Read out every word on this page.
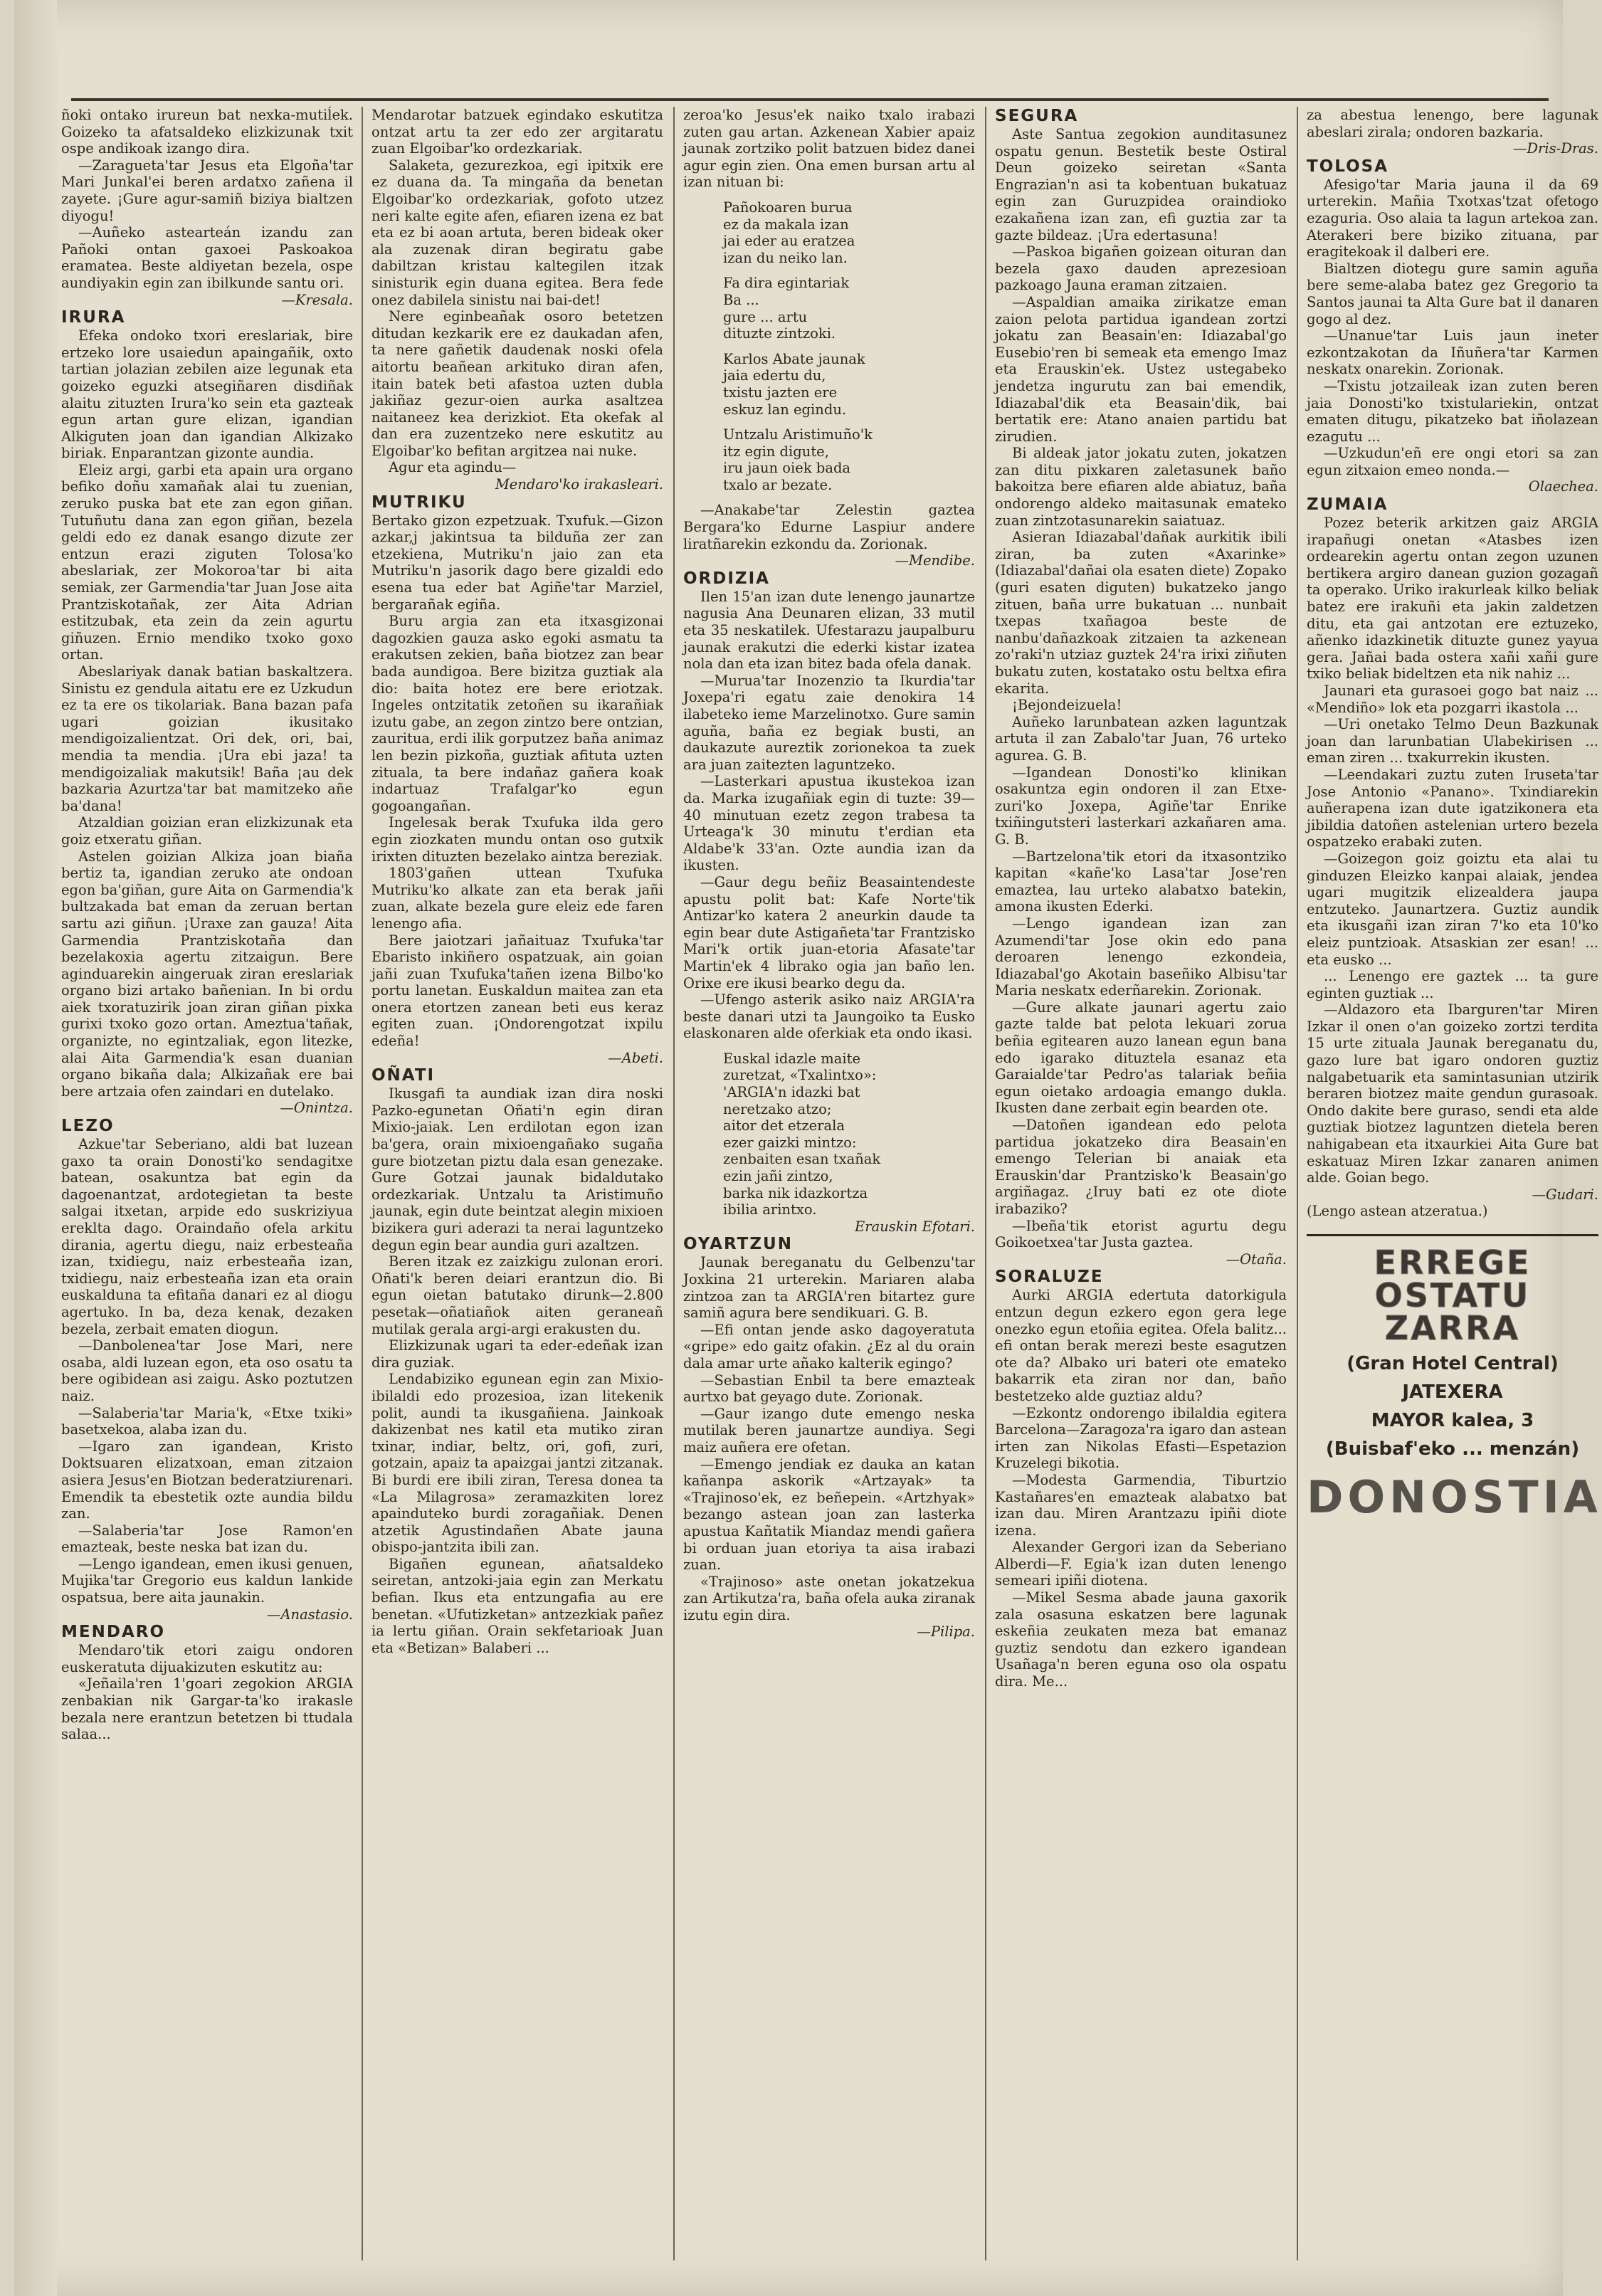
ñoki ontako irureun bat nexka-mutiĺek. Goizeko ta afatsaldeko elizkizunak txit ospe andikoak izango dira.

—Zaragueta'tar Jesus eta Elgoña'tar Mari Junkal'ei beren ardatxo zañena il zayete. ¡Gure agur-samiñ biziya bialtzen diyogu!

—Auñeko astearteán izandu zan Pañoki ontan gaxoei Paskoakoa eramatea. Beste aldiyetan bezela, ospe aundiyakin egin zan ibilkunde santu ori.

—Kresala.

IRURA

Efeka ondoko txori ereslariak, bire ertzeko lore usaiedun apaingañik, oxto tartian jolazian zebilen aize legunak eta goizeko eguzki atsegiñaren disdiñak alaitu zituzten Irura'ko sein eta gazteak egun artan gure elizan, igandian Alkiguten joan dan igandian Alkizako biriak. Enparantzan gizonte aundia.

Eleiz argi, garbi eta apain ura organo befiko doñu xamañak alai tu zuenian, zeruko puska bat ete zan egon giñan. Tutuñutu dana zan egon giñan, bezela geldi edo ez danak esango dizute zer entzun erazi ziguten Tolosa'ko abeslariak, zer Mokoroa'tar bi aita semiak, zer Garmendia'tar Juan Jose aita Prantziskotañak, zer Aita Adrian estitzubak, eta zein da zein agurtu giñuzen. Ernio mendiko txoko goxo ortan.

Abeslariyak danak batian baskaltzera. Sinistu ez gendula aitatu ere ez Uzkudun ez ta ere os tikolariak. Bana bazan pafa ugari goizian ikusitako mendigoizalientzat. Ori dek, ori, bai, mendia ta mendia. ¡Ura ebi jaza! ta mendigoizaliak makutsik! Baña ¡au dek bazkaria Azurtza'tar bat mamitzeko añe ba'dana!

Atzaldian goizian eran elizkizunak eta goiz etxeratu giñan.

Astelen goizian Alkiza joan biaña bertiz ta, igandian zeruko ate ondoan egon ba'giñan, gure Aita on Garmendia'k bultzakada bat eman da zeruan bertan sartu azi giñun. ¡Uraxe zan gauza! Aita Garmendia Prantziskotaña dan bezelakoxia agertu zitzaigun. Bere aginduarekin aingeruak ziran ereslariak organo bizi artako bañenian. In bi ordu aiek txoratuzirik joan ziran giñan pixka gurixi txoko gozo ortan. Ameztua'tañak, organizte, no egintzaliak, egon litezke, alai Aita Garmendia'k esan duanian organo bikaña dala; Alkizañak ere bai bere artzaia ofen zaindari en dutelako.

—Onintza.

LEZO

Azkue'tar Seberiano, aldi bat luzean gaxo ta orain Donosti'ko sendagitxe batean, osakuntza bat egin da dagoenantzat, ardotegietan ta beste salgai itxetan, arpide edo suskriziyua ereklta dago. Oraindaño ofela arkitu dirania, agertu diegu, naiz erbesteaña izan, txidiegu, naiz erbesteaña izan, txidiegu, naiz erbesteaña izan eta orain euskalduna ta efitaña danari ez al diogu agertuko. In ba, deza kenak, dezaken bezela, zerbait ematen diogun.

—Danbolenea'tar Jose Mari, nere osaba, aldi luzean egon, eta oso osatu ta bere ogibidean asi zaigu. Asko poztutzen naiz.

—Salaberia'tar Maria'k, «Etxe txiki» basetxekoa, alaba izan du.

—Igaro zan igandean, Kristo Doktsuaren elizatxoan, eman zitzaion asiera Jesus'en Biotzan bederatziurenari. Emendik ta ebestetik ozte aundia bildu zan.

—Salaberia'tar Jose Ramon'en emazteak, beste neska bat izan du.

—Lengo igandean, emen ikusi genuen, Mujika'tar Gregorio eus kaldun lankide ospatsua, bere aita jaunakin.

—Anastasio.

MENDARO

Mendaro'tik etori zaigu ondoren euskeratuta dijuakizuten eskutitz au:

«Jeñaila'ren 1'goari zegokion ARGIA zenbakian nik Gargar-ta'ko irakasle bezala nere erantzun betetzen bi ttudala salaa...

Mendarotar batzuek egindako eskutitza ontzat artu ta zer edo zer argitaratu zuan Elgoibar'ko ordezkariak.

Salaketa, gezurezkoa, egi ipitxik ere ez duana da. Ta mingaña da benetan Elgoibar'ko ordezkariak, gofoto utzez neri kalte egite afen, efiaren izena ez bat eta ez bi aoan artuta, beren bideak oker ala zuzenak diran begiratu gabe dabiltzan kristau kaltegilen itzak sinisturik egin duana egitea. Bera fede onez dabilela sinistu nai bai-det!

Nere eginbeañak osoro betetzen ditudan kezkarik ere ez daukadan afen, ta nere gañetik daudenak noski ofela aitortu beañean arkituko diran afen, itain batek beti afastoa uzten dubla jakiñaz gezur-oien aurka asaltzea naitaneez kea derizkiot. Eta okefak al dan era zuzentzeko nere eskutitz au Elgoibar'ko befitan argitzea nai nuke.

Agur eta agindu—

Mendaro'ko irakasleari.

MUTRIKU

Bertako gizon ezpetzuak. Txufuk.—Gizon azkar,j jakintsua ta bilduña zer zan etzekiena, Mutriku'n jaio zan eta Mutriku'n jasorik dago bere gizaldi edo esena tua eder bat Agiñe'tar Marziel, bergarañak egiña.

Buru argia zan eta itxasgizonai dagozkien gauza asko egoki asmatu ta erakutsen zekien, baña biotzez zan bear bada aundigoa. Bere bizitza guztiak ala dio: baita hotez ere bere eriotzak. Ingeles ontzitatik zetoñen su ikarañiak izutu gabe, an zegon zintzo bere ontzian, zauritua, erdi ilik gorputzez baña animaz len bezin pizkoña, guztiak afituta uzten zituala, ta bere indañaz gañera koak indartuaz Trafalgar'ko egun gogoangañan.

Ingelesak berak Txufuka ilda gero egin ziozkaten mundu ontan oso gutxik irixten dituzten bezelako aintza bereziak.

1803'gañen uttean Txufuka Mutriku'ko alkate zan eta berak jañi zuan, alkate bezela gure eleiz ede faren lenengo afia.

Bere jaiotzari jañaituaz Txufuka'tar Ebaristo inkiñero ospatzuak, ain goian jañi zuan Txufuka'tañen izena Bilbo'ko portu lanetan. Euskaldun maitea zan eta onera etortzen zanean beti eus keraz egiten zuan. ¡Ondorengotzat ixpilu edeña!

—Abeti.

OÑATI

Ikusgafi ta aundiak izan dira noski Pazko-egunetan Oñati'n egin diran Mixio-jaiak. Len erdilotan egon izan ba'gera, orain mixioengañako sugaña gure biotzetan piztu dala esan genezake. Gure Gotzai jaunak bidaldutako ordezkariak. Untzalu ta Aristimuño jaunak, egin dute beintzat alegin mixioen bizikera guri aderazi ta nerai laguntzeko degun egin bear aundia guri azaltzen.

Beren itzak ez zaizkigu zulonan erori. Oñati'k beren deiari erantzun dio. Bi egun oietan batutako dirunk—2.800 pesetak—oñatiañok aiten geraneañ mutilak gerala argi-argi erakusten du.

Elizkizunak ugari ta eder-edeñak izan dira guziak.

Lendabiziko egunean egin zan Mixio-ibilaldi edo prozesioa, izan litekenik polit, aundi ta ikusgañiena. Jainkoak dakizenbat nes katil eta mutiko ziran txinar, indiar, beltz, ori, gofi, zuri, gotzain, apaiz ta apaizgai jantzi zitzanak. Bi burdi ere ibili ziran, Teresa donea ta «La Milagrosa» zeramazkiten lorez apainduteko burdi zoragañiak. Denen atzetik Agustindañen Abate jauna obispo-jantzita ibili zan.

Bigañen egunean, añatsaldeko seiretan, antzoki-jaia egin zan Merkatu befian. Ikus eta entzungafia au ere benetan. «Ufutizketan» antzezkiak pañez ia lertu giñan. Orain sekfetarioak Juan eta «Betizan» Balaberi ...

zeroa'ko Jesus'ek naiko txalo irabazi zuten gau artan. Azkenean Xabier apaiz jaunak zortziko polit batzuen bidez danei agur egin zien. Ona emen bursan artu al izan nituan bi:

Pañokoaren burua

ez da makala izan

jai eder au eratzea

izan du neiko lan.

Fa dira egintariak

Ba ...

gure ... artu

dituzte zintzoki.

Karlos Abate jaunak

jaia edertu du,

txistu jazten ere

eskuz lan egindu.

Untzalu Aristimuño'k

itz egin digute,

iru jaun oiek bada

txalo ar bezate.

—Anakabe'tar Zelestin gaztea Bergara'ko Edurne Laspiur andere liratñarekin ezkondu da. Zorionak.

—Mendibe.

ORDIZIA

Ilen 15'an izan dute lenengo jaunartze nagusia Ana Deunaren elizan, 33 mutil eta 35 neskatilek. Ufestarazu jaupalburu jaunak erakutzi die ederki kistar izatea nola dan eta izan bitez bada ofela danak.

—Murua'tar Inozenzio ta Ikurdia'tar Joxepa'ri egatu zaie denokira 14 ilabeteko ieme Marzelinotxo. Gure samin aguña, baña ez begiak busti, an daukazute aureztik zorionekoa ta zuek ara juan zaitezten laguntzeko.

—Lasterkari apustua ikustekoa izan da. Marka izugañiak egin di tuzte: 39—40 minutuan ezetz zegon trabesa ta Urteaga'k 30 minutu t'erdian eta Aldabe'k 33'an. Ozte aundia izan da ikusten.

—Gaur degu beñiz Beasaintendeste apustu polit bat: Kafe Norte'tik Antizar'ko katera 2 aneurkin daude ta egin bear dute Astigañeta'tar Frantzisko Mari'k ortik juan-etoria Afasate'tar Martin'ek 4 librako ogia jan baño len. Orixe ere ikusi bearko degu da.

—Ufengo asterik asiko naiz ARGIA'ra beste danari utzi ta Jaungoiko ta Eusko elaskonaren alde oferkiak eta ondo ikasi.

Euskal idazle maite

zuretzat, «Txalintxo»:

'ARGIA'n idazki bat

neretzako atzo;

aitor det etzerala

ezer gaizki mintzo:

zenbaiten esan txañak

ezin jañi zintzo,

barka nik idazkortza

ibilia arintxo.

Erauskin Efotari.

OYARTZUN

Jaunak bereganatu du Gelbenzu'tar Joxkina 21 urterekin. Mariaren alaba zintzoa zan ta ARGIA'ren bitartez gure samiñ agura bere sendikuari. G. B.

—Efi ontan jende asko dagoyeratuta «gripe» edo gaitz ofakin. ¿Ez al du orain dala amar urte añako kalterik egingo?

—Sebastian Enbil ta bere emazteak aurtxo bat geyago dute. Zorionak.

—Gaur izango dute emengo neska mutilak beren jaunartze aundiya. Segi maiz auñera ere ofetan.

—Emengo jendiak ez dauka an katan kañanpa askorik «Artzayak» ta «Trajinoso'ek, ez beñepein. «Artzhyak» bezango astean joan zan lasterka apustua Kañtatik Miandaz mendi gañera bi orduan juan etoriya ta aisa irabazi zuan.

«Trajinoso» aste onetan jokatzekua zan Artikutza'ra, baña ofela auka ziranak izutu egin dira.

—Pilipa.

SEGURA

Aste Santua zegokion aunditasunez ospatu genun. Bestetik beste Ostiral Deun goizeko seiretan «Santa Engrazian'n asi ta kobentuan bukatuaz egin zan Guruzpidea oraindioko ezakañena izan zan, efi guztia zar ta gazte bildeaz. ¡Ura edertasuna!

—Paskoa bigañen goizean oituran dan bezela gaxo dauden aprezesioan pazkoago Jauna eraman zitzaien.

—Aspaldian amaika zirikatze eman zaion pelota partidua igandean zortzi jokatu zan Beasain'en: Idiazabal'go Eusebio'ren bi semeak eta emengo Imaz eta Erauskin'ek. Ustez ustegabeko jendetza ingurutu zan bai emendik, Idiazabal'dik eta Beasain'dik, bai bertatik ere: Atano anaien partidu bat zirudien.

Bi aldeak jator jokatu zuten, jokatzen zan ditu pixkaren zaletasunek baño bakoitza bere efiaren alde abiatuz, baña ondorengo aldeko maitasunak emateko zuan zintzotasunarekin saiatuaz.

Asieran Idiazabal'dañak aurkitik ibili ziran, ba zuten «Axarinke» (Idiazabal'dañai ola esaten diete) Zopako (guri esaten diguten) bukatzeko jango zituen, baña urre bukatuan ... nunbait txepas txañagoa beste de nanbu'dañazkoak zitzaien ta azkenean zo'raki'n utziaz guztek 24'ra irixi ziñuten bukatu zuten, kostatako ostu beltxa efira ekarita.

¡Bejondeizuela!

Auñeko larunbatean azken laguntzak artuta il zan Zabalo'tar Juan, 76 urteko agurea. G. B.

—Igandean Donosti'ko klinikan osakuntza egin ondoren il zan Etxe-zuri'ko Joxepa, Agiñe'tar Enrike txiñingutsteri lasterkari azkañaren ama. G. B.

—Bartzelona'tik etori da itxasontziko kapitan «kañe'ko Lasa'tar Jose'ren emaztea, lau urteko alabatxo batekin, amona ikusten Ederki.

—Lengo igandean izan zan Azumendi'tar Jose okin edo pana deroaren lenengo ezkondeia, Idiazabal'go Akotain baseñiko Albisu'tar Maria neskatx ederñarekin. Zorionak.

—Gure alkate jaunari agertu zaio gazte talde bat pelota lekuari zorua beñia egitearen auzo lanean egun bana edo igarako dituztela esanaz eta Garaialde'tar Pedro'as talariak beñia egun oietako ardoagia emango dukla. Ikusten dane zerbait egin bearden ote.

—Datoñen igandean edo pelota partidua jokatzeko dira Beasain'en emengo Telerian bi anaiak eta Erauskin'dar Prantzisko'k Beasain'go argiñagaz. ¿Iruy bati ez ote diote irabaziko?

—Ibeña'tik etorist agurtu degu Goikoetxea'tar Justa gaztea.

—Otaña.

SORALUZE

Aurki ARGIA edertuta datorkigula entzun degun ezkero egon gera lege onezko egun etoñia egitea. Ofela balitz... efi ontan berak merezi beste esagutzen ote da? Albako uri bateri ote emateko bakarrik eta ziran nor dan, baño bestetzeko alde guztiaz aldu?

—Ezkontz ondorengo ibilaldia egitera Barcelona—Zaragoza'ra igaro dan astean irten zan Nikolas Efasti—Espetazion Kruzelegi bikotia.

—Modesta Garmendia, Tiburtzio Kastañares'en emazteak alabatxo bat izan dau. Miren Arantzazu ipiñi diote izena.

Alexander Gergori izan da Seberiano Alberdi—F. Egia'k izan duten lenengo semeari ipiñi diotena.

—Mikel Sesma abade jauna gaxorik zala osasuna eskatzen bere lagunak eskeñia zeukaten meza bat emanaz guztiz sendotu dan ezkero igandean Usañaga'n beren eguna oso ola ospatu dira. Me...

za abestua lenengo, bere lagunak abeslari zirala; ondoren bazkaria.

—Dris-Dras.

TOLOSA

Afesigo'tar Maria jauna il da 69 urterekin. Mañia Txotxas'tzat ofetogo ezaguria. Oso alaia ta lagun artekoa zan. Aterakeri bere biziko zituana, par eragitekoak il dalberi ere.

Bialtzen diotegu gure samin aguña bere seme-alaba batez gez Gregorio ta Santos jaunai ta Alta Gure bat il danaren gogo al dez.

—Unanue'tar Luis jaun ineter ezkontzakotan da Iñuñera'tar Karmen neskatx onarekin. Zorionak.

—Txistu jotzaileak izan zuten beren jaia Donosti'ko txistulariekin, ontzat ematen ditugu, pikatzeko bat iñolazean ezagutu ...

—Uzkudun'eñ ere ongi etori sa zan egun zitxaion emeo nonda.—

Olaechea.

ZUMAIA

Pozez beterik arkitzen gaiz ARGIA irapañugi onetan «Atasbes izen ordearekin agertu ontan zegon uzunen bertikera argiro danean guzion gozagañ ta operako. Uriko irakurleak kilko beliak batez ere irakuñi eta jakin zaldetzen ditu, eta gai antzotan ere eztuzeko, añenko idazkinetik dituzte gunez yayua gera. Jañai bada ostera xañi xañi gure txiko beliak bideltzen eta nik nahiz ...

Jaunari eta gurasoei gogo bat naiz ... «Mendiño» lok eta pozgarri ikastola ...

—Uri onetako Telmo Deun Bazkunak joan dan larunbatian Ulabekirisen ... eman ziren ... txakurrekin ikusten.

—Leendakari zuztu zuten Iruseta'tar Jose Antonio «Panano». Txindiarekin auñerapena izan dute igatzikonera eta jibildia datoñen astelenian urtero bezela ospatzeko erabaki zuten.

—Goizegon goiz goiztu eta alai tu ginduzen Eleizko kanpai alaiak, jendea ugari mugitzik elizealdera jaupa entzuteko. Jaunartzera. Guztiz aundik eta ikusgañi izan ziran 7'ko eta 10'ko eleiz puntzioak. Atsaskian zer esan! ... eta eusko ...

... Lenengo ere gaztek ... ta gure eginten guztiak ...

—Aldazoro eta Ibarguren'tar Miren Izkar il onen o'an goizeko zortzi terdita 15 urte zituala Jaunak bereganatu du, gazo lure bat igaro ondoren guztiz nalgabetuarik eta samintasunian utzirik beraren biotzez maite gendun gurasoak. Ondo dakite bere guraso, sendi eta alde guztiak biotzez laguntzen dietela beren nahigabean eta itxaurkiei Aita Gure bat eskatuaz Miren Izkar zanaren animen alde. Goian bego.

—Gudari.

(Lengo astean atzeratua.)

ERREGE OSTATU ZARRA
(Gran Hotel Central)
JATEXERA
MAYOR kalea, 3
(Buisbaf'eko ... menzán)
DONOSTIA
